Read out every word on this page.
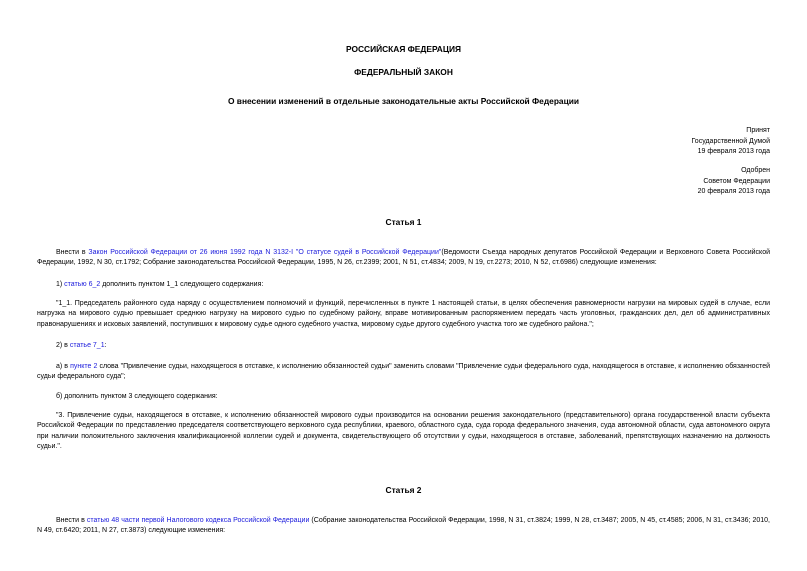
РОССИЙСКАЯ ФЕДЕРАЦИЯ
ФЕДЕРАЛЬНЫЙ ЗАКОН
О внесении изменений в отдельные законодательные акты Российской Федерации
Принят
Государственной Думой
19 февраля 2013 года
Одобрен
Советом Федерации
20 февраля 2013 года
Статья 1
Внести в Закон Российской Федерации от 26 июня 1992 года N 3132-I "О статусе судей в Российской Федерации"(Ведомости Съезда народных депутатов Российской Федерации и Верховного Совета Российской Федерации, 1992, N 30, ст.1792; Собрание законодательства Российской Федерации, 1995, N 26, ст.2399; 2001, N 51, ст.4834; 2009, N 19, ст.2273; 2010, N 52, ст.6986) следующие изменения:
1) статью 6_2 дополнить пунктом 1_1 следующего содержания:
"1_1. Председатель районного суда наряду с осуществлением полномочий и функций, перечисленных в пункте 1 настоящей статьи, в целях обеспечения равномерности нагрузки на мировых судей в случае, если нагрузка на мирового судью превышает среднюю нагрузку на мирового судью по судебному району, вправе мотивированным распоряжением передать часть уголовных, гражданских дел, дел об административных правонарушениях и исковых заявлений, поступивших к мировому судье одного судебного участка, мировому судье другого судебного участка того же судебного района.";
2) в статье 7_1:
а) в пункте 2 слова "Привлечение судьи, находящегося в отставке, к исполнению обязанностей судьи" заменить словами "Привлечение судьи федерального суда, находящегося в отставке, к исполнению обязанностей судьи федерального суда";
б) дополнить пунктом 3 следующего содержания:
"3. Привлечение судьи, находящегося в отставке, к исполнению обязанностей мирового судьи производится на основании решения законодательного (представительного) органа государственной власти субъекта Российской Федерации по представлению председателя соответствующего верховного суда республики, краевого, областного суда, суда города федерального значения, суда автономной области, суда автономного округа при наличии положительного заключения квалификационной коллегии судей и документа, свидетельствующего об отсутствии у судьи, находящегося в отставке, заболеваний, препятствующих назначению на должность судьи.".
Статья 2
Внести в статью 48 части первой Налогового кодекса Российской Федерации (Собрание законодательства Российской Федерации, 1998, N 31, ст.3824; 1999, N 28, ст.3487; 2005, N 45, ст.4585; 2006, N 31, ст.3436; 2010, N 49, ст.6420; 2011, N 27, ст.3873) следующие изменения:
